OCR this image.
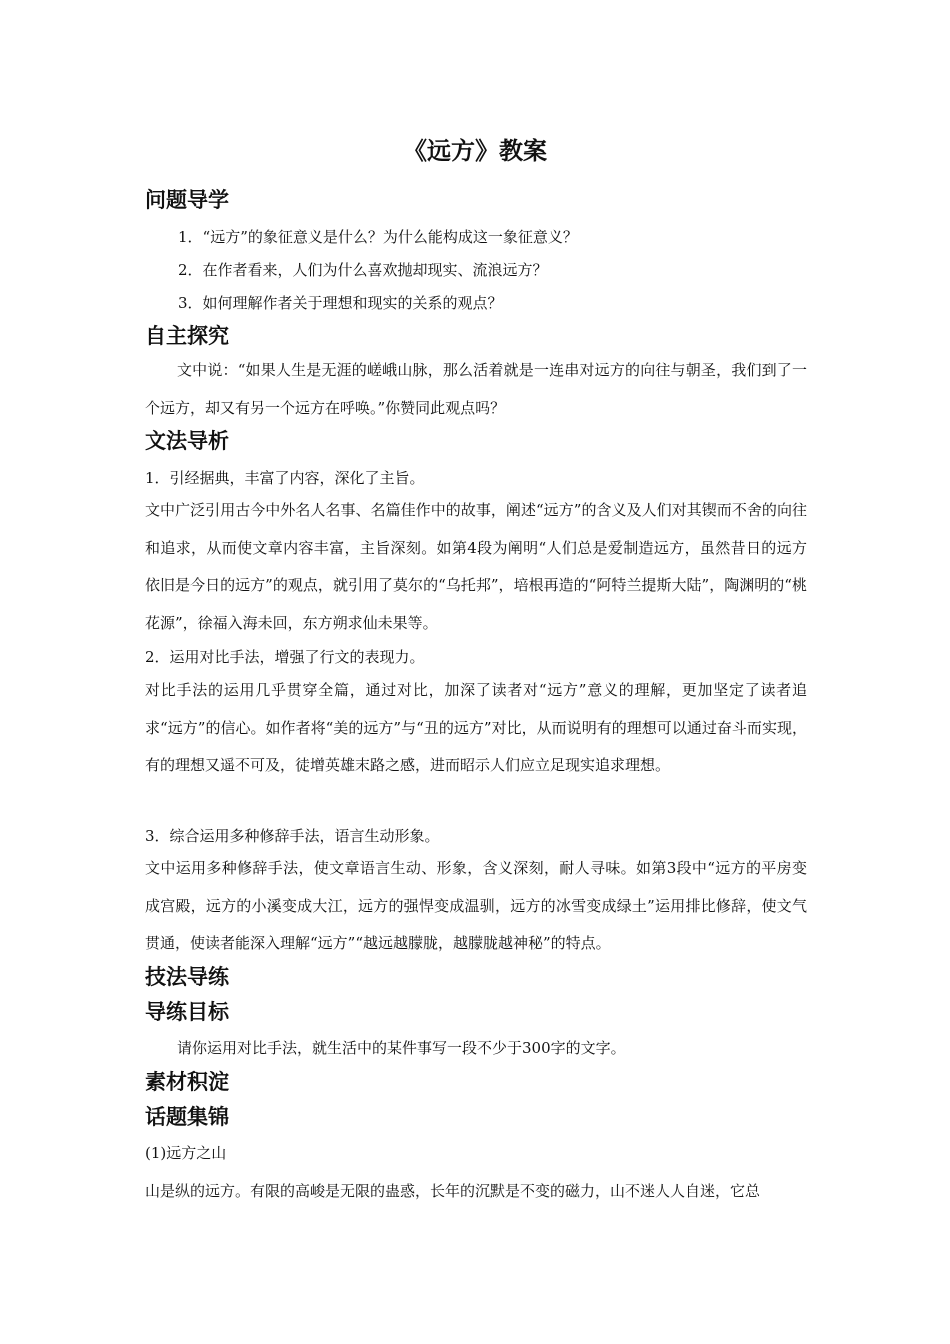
《远方》教案
问题导学
1．“远方”的象征意义是什么？为什么能构成这一象征意义？
2．在作者看来，人们为什么喜欢抛却现实、流浪远方？
3．如何理解作者关于理想和现实的关系的观点？
自主探究

文中说：“如果人生是无涯的嵯峨山脉，那么活着就是一连串对远方的向往与朝圣，我们到了一个远方，却又有另一个远方在呼唤。”你赞同此观点吗？

文法导析
1．引经据典，丰富了内容，深化了主旨。

文中广泛引用古今中外名人名事、名篇佳作中的故事，阐述“远方”的含义及人们对其锲而不舍的向往和追求，从而使文章内容丰富，主旨深刻。如第4段为阐明“人们总是爱制造远方，虽然昔日的远方依旧是今日的远方”的观点，就引用了莫尔的“乌托邦”，培根再造的“阿特兰提斯大陆”，陶渊明的“桃花源”，徐福入海未回，东方朔求仙未果等。

2．运用对比手法，增强了行文的表现力。

对比手法的运用几乎贯穿全篇，通过对比，加深了读者对“远方”意义的理解，更加坚定了读者追求“远方”的信心。如作者将“美的远方”与“丑的远方”对比，从而说明有的理想可以通过奋斗而实现，有的理想又遥不可及，徒增英雄末路之感，进而昭示人们应立足现实追求理想。

3．综合运用多种修辞手法，语言生动形象。

文中运用多种修辞手法，使文章语言生动、形象，含义深刻，耐人寻味。如第3段中“远方的平房变成宫殿，远方的小溪变成大江，远方的强悍变成温驯，远方的冰雪变成绿土”运用排比修辞，使文气贯通，使读者能深入理解“远方”“越远越朦胧，越朦胧越神秘”的特点。

技法导练
导练目标

请你运用对比手法，就生活中的某件事写一段不少于300字的文字。

素材积淀
话题集锦
(1)远方之山
山是纵的远方。有限的高峻是无限的蛊惑，长年的沉默是不变的磁力，山不迷人人自迷，它总
